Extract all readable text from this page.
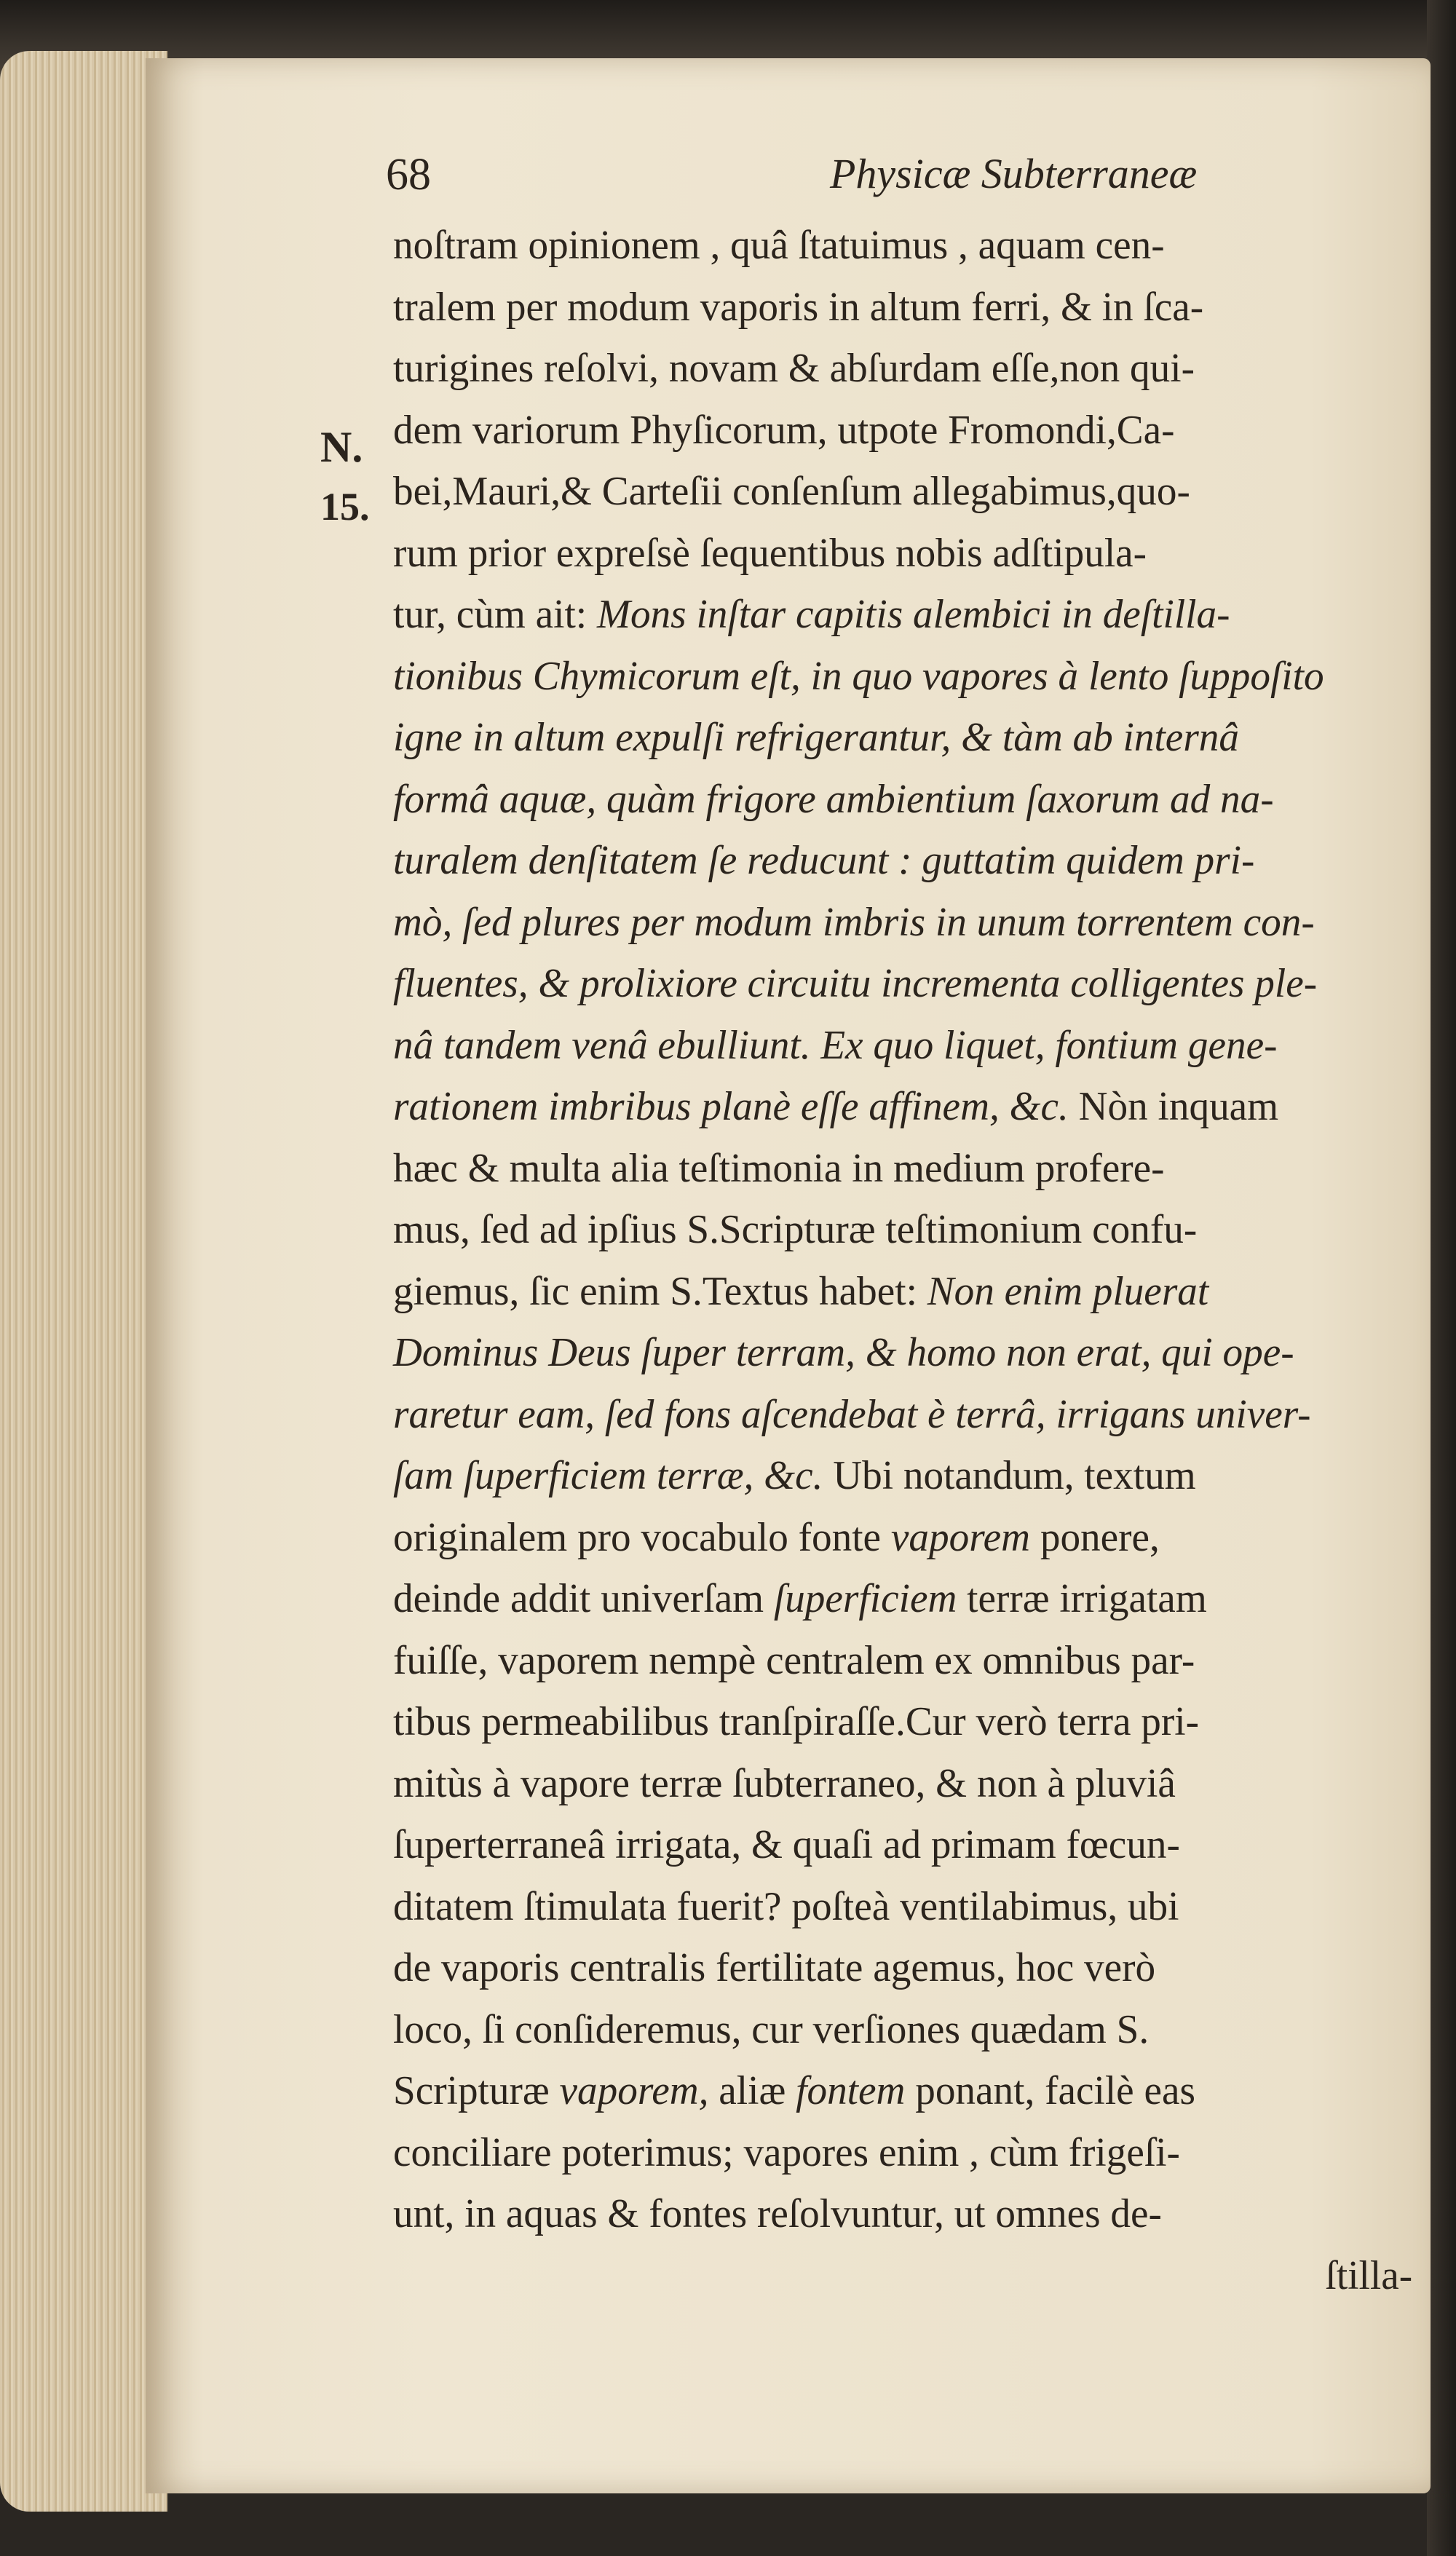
68	Physicæ Subterraneæ
N.
15.
noſtram opinionem , quâ ſtatuimus , aquam cen-
tralem per modum vaporis in altum ferri, & in ſca-
turigines reſolvi, novam & abſurdam eſſe,non qui-
dem variorum Phyſicorum, utpote Fromondi,Ca-
bei,Mauri,& Carteſii conſenſum allegabimus,quo-
rum prior expreſsè ſequentibus nobis adſtipula-
tur, cùm ait: Mons inſtar capitis alembici in deſtilla-
tionibus Chymicorum eſt, in quo vapores à lento ſuppoſito
igne in altum expulſi refrigerantur, & tàm ab internâ
formâ aquæ, quàm frigore ambientium ſaxorum ad na-
turalem denſitatem ſe reducunt : guttatim quidem pri-
mò, ſed plures per modum imbris in unum torrentem con-
fluentes, & prolixiore circuitu incrementa colligentes ple-
nâ tandem venâ ebulliunt. Ex quo liquet, fontium gene-
rationem imbribus planè eſſe affinem, &c. Nòn inquam
hæc & multa alia teſtimonia in medium profere-
mus, ſed ad ipſius S.Scripturæ teſtimonium confu-
giemus, ſic enim S.Textus habet: Non enim pluerat
Dominus Deus ſuper terram, & homo non erat, qui ope-
raretur eam, ſed fons aſcendebat è terrâ, irrigans univer-
ſam ſuperficiem terræ, &c. Ubi notandum, textum
originalem pro vocabulo fonte vaporem ponere,
deinde addit univerſam ſuperficiem terræ irrigatam
fuiſſe, vaporem nempè centralem ex omnibus par-
tibus permeabilibus tranſpiraſſe.Cur verò terra pri-
mitùs à vapore terræ ſubterraneo, & non à pluviâ
ſuperterraneâ irrigata, & quaſi ad primam fœcun-
ditatem ſtimulata fuerit? poſteà ventilabimus, ubi
de vaporis centralis fertilitate agemus, hoc verò
loco, ſi conſideremus, cur verſiones quædam S.
Scripturæ vaporem, aliæ fontem ponant, facilè eas
conciliare poterimus; vapores enim , cùm frigeſi-
unt, in aquas & fontes reſolvuntur, ut omnes de-
ſtilla-
